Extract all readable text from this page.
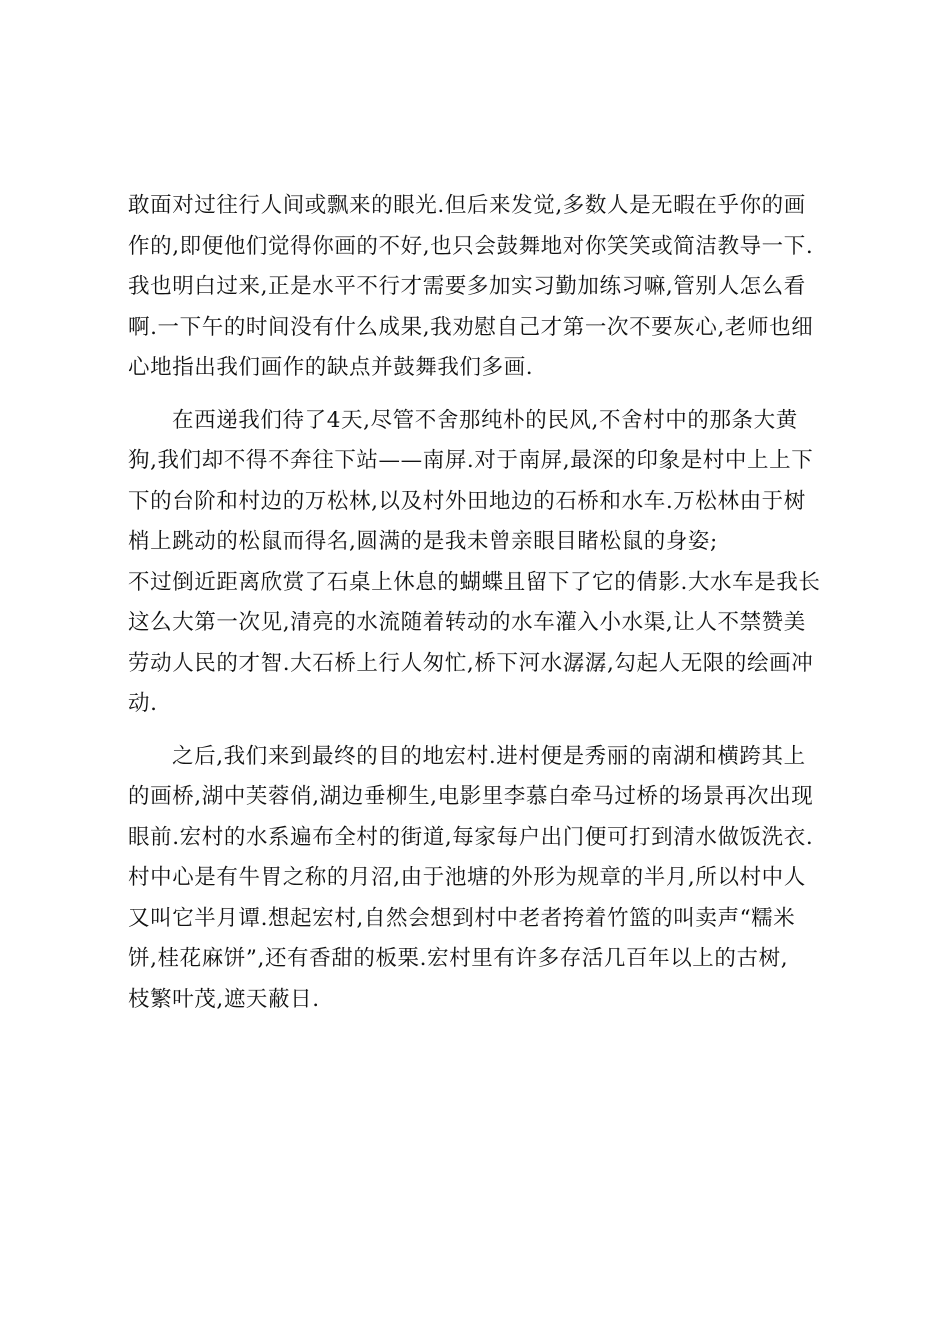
敢面对过往行人间或飘来的眼光.但后来发觉,多数人是无暇在乎你的画
作的,即便他们觉得你画的不好,也只会鼓舞地对你笑笑或简洁教导一下.
我也明白过来,正是水平不行才需要多加实习勤加练习嘛,管别人怎么看
啊.一下午的时间没有什么成果,我劝慰自己才第一次不要灰心,老师也细
心地指出我们画作的缺点并鼓舞我们多画.
在西递我们待了4天,尽管不舍那纯朴的民风,不舍村中的那条大黄
狗,我们却不得不奔往下站——南屏.对于南屏,最深的印象是村中上上下
下的台阶和村边的万松林,以及村外田地边的石桥和水车.万松林由于树
梢上跳动的松鼠而得名,圆满的是我未曾亲眼目睹松鼠的身姿;
不过倒近距离欣赏了石桌上休息的蝴蝶且留下了它的倩影.大水车是我长
这么大第一次见,清亮的水流随着转动的水车灌入小水渠,让人不禁赞美
劳动人民的才智.大石桥上行人匆忙,桥下河水潺潺,勾起人无限的绘画冲
动.
之后,我们来到最终的目的地宏村.进村便是秀丽的南湖和横跨其上
的画桥,湖中芙蓉俏,湖边垂柳生,电影里李慕白牵马过桥的场景再次出现
眼前.宏村的水系遍布全村的街道,每家每户出门便可打到清水做饭洗衣.
村中心是有牛胃之称的月沼,由于池塘的外形为规章的半月,所以村中人
又叫它半月谭.想起宏村,自然会想到村中老者挎着竹篮的叫卖声“糯米
饼,桂花麻饼”,还有香甜的板栗.宏村里有许多存活几百年以上的古树,
枝繁叶茂,遮天蔽日.
